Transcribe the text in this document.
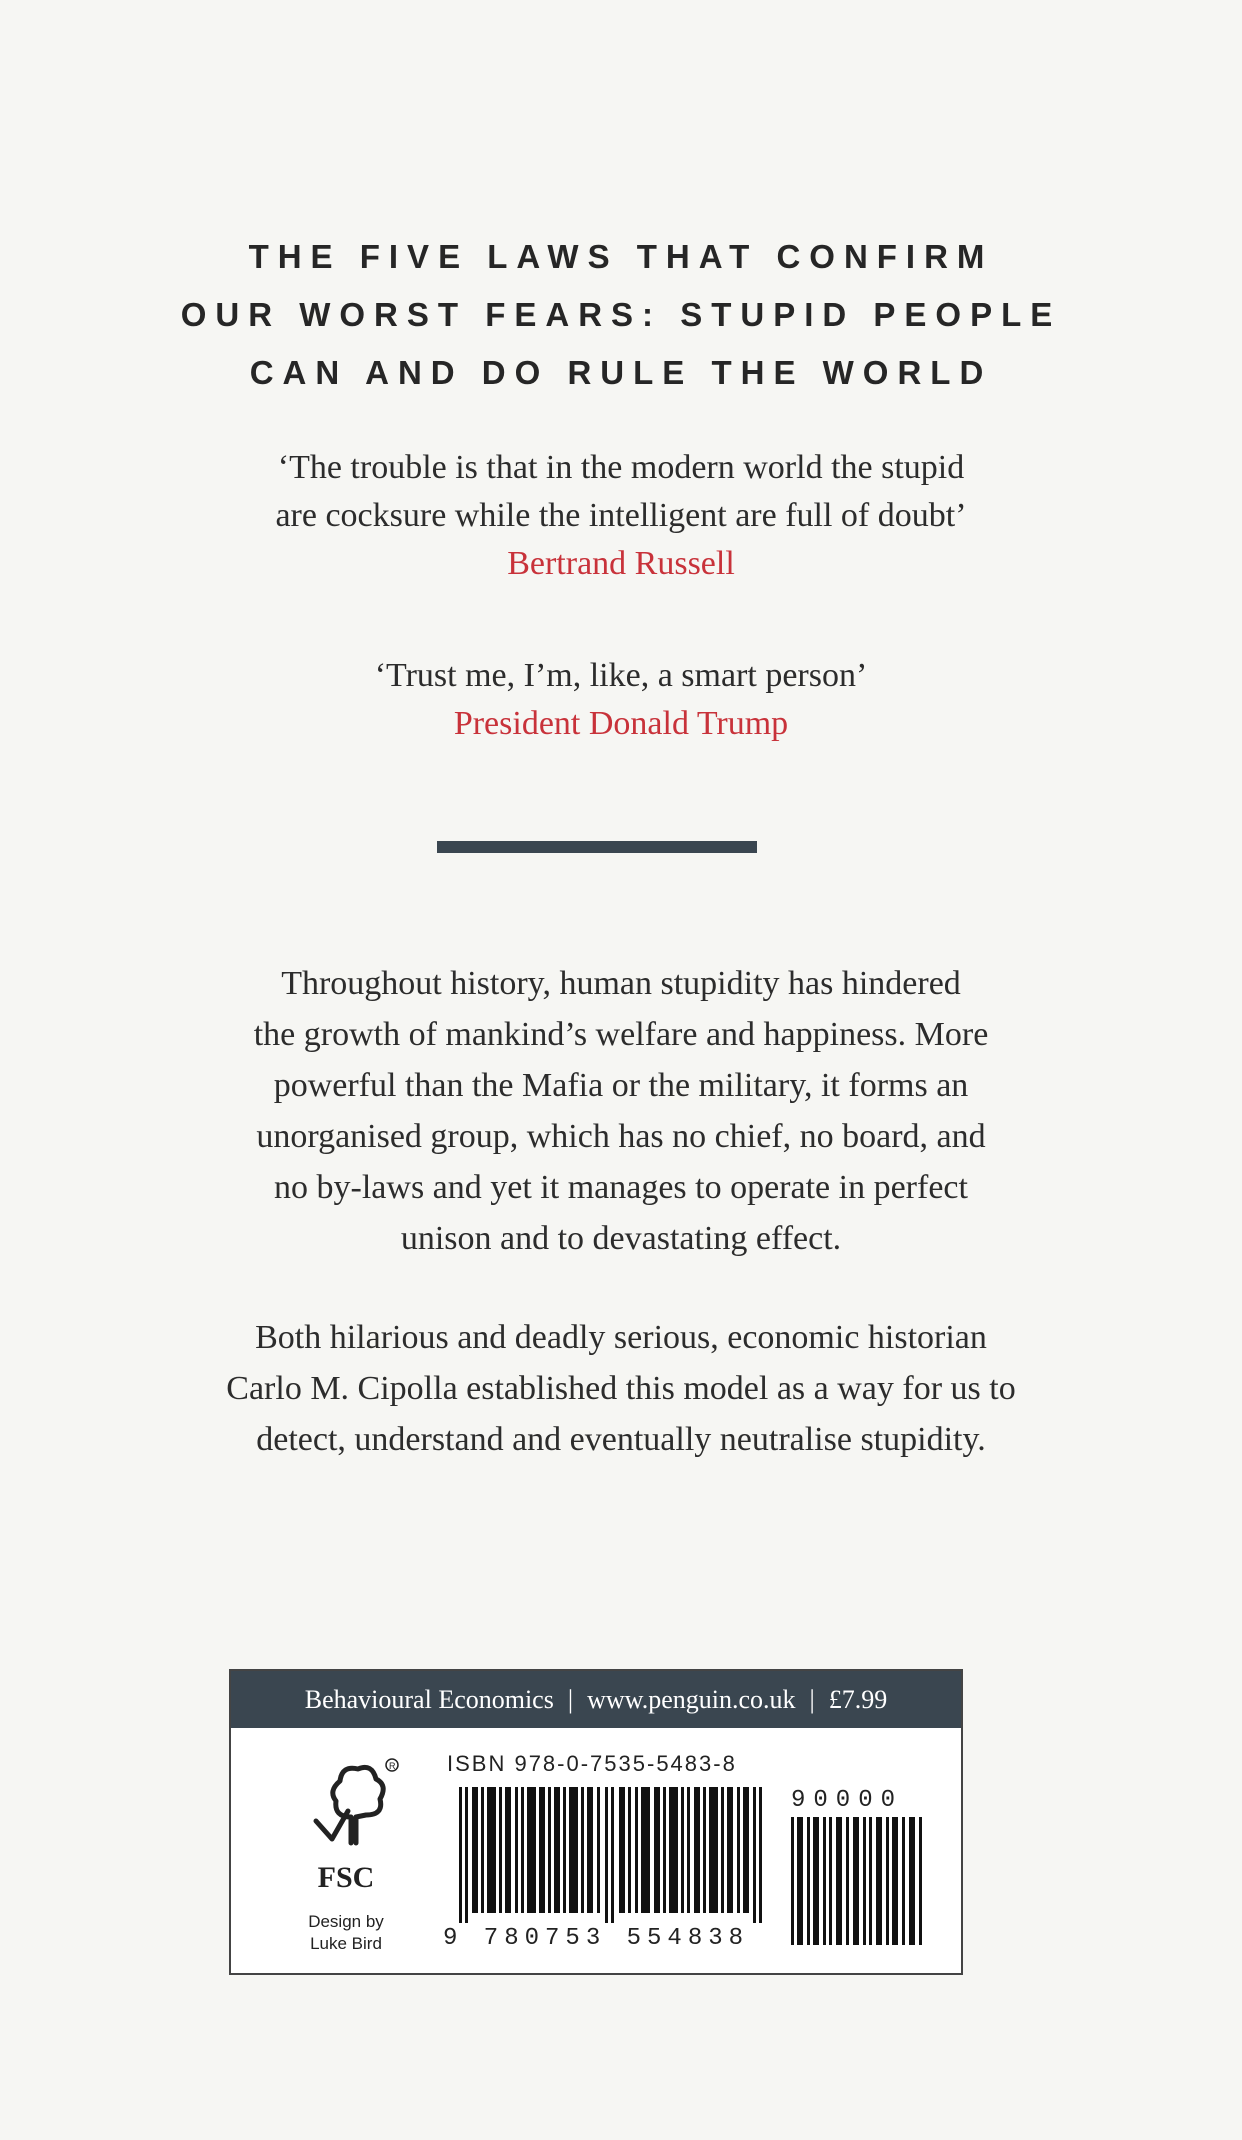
THE FIVE LAWS THAT CONFIRM
OUR WORST FEARS: STUPID PEOPLE
CAN AND DO RULE THE WORLD
‘The trouble is that in the modern world the stupid
are cocksure while the intelligent are full of doubt’
Bertrand Russell
‘Trust me, I’m, like, a smart person’
President Donald Trump
Throughout history, human stupidity has hindered
the growth of mankind’s welfare and happiness. More
powerful than the Mafia or the military, it forms an
unorganised group, which has no chief, no board, and
no by-laws and yet it manages to operate in perfect
unison and to devastating effect.
Both hilarious and deadly serious, economic historian
Carlo M. Cipolla established this model as a way for us to
detect, understand and eventually neutralise stupidity.
Behavioural Economics | www.penguin.co.uk | £7.99
R
FSC
Design by
Luke Bird
ISBN 978-0-7535-5483-8
9 780753 554838
90000
